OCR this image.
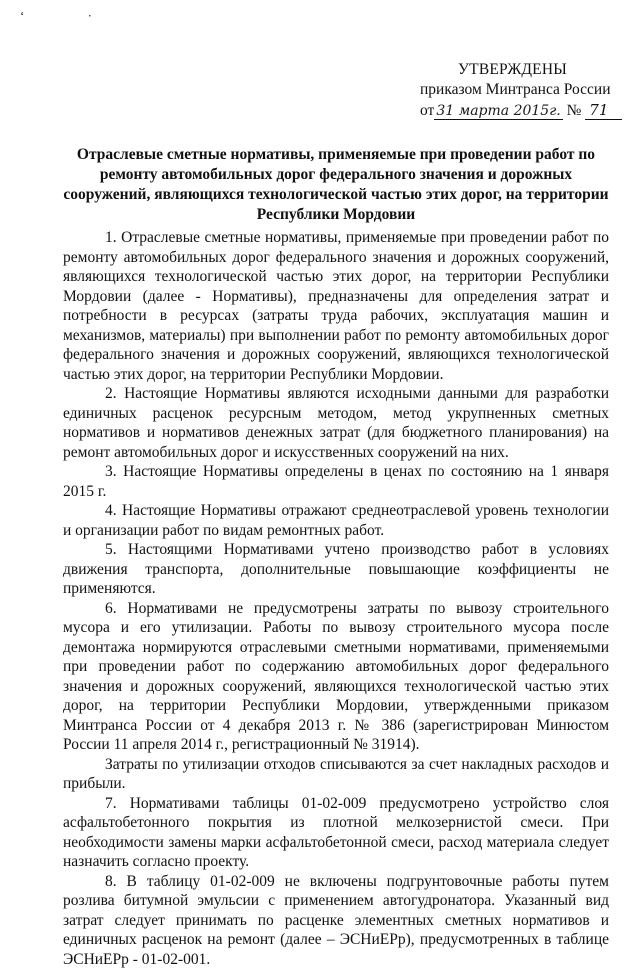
ʻ ·
УТВЕРЖДЕНЫ
приказом Минтранса России
от 31 марта 2015г. № 71
Отраслевые сметные нормативы, применяемые при проведении работ по ремонту автомобильных дорог федерального значения и дорожных сооружений, являющихся технологической частью этих дорог, на территории Республики Мордовии

1. Отраслевые сметные нормативы, применяемые при проведении работ по ремонту автомобильных дорог федерального значения и дорожных сооружений, являющихся технологической частью этих дорог, на территории Республики Мордовии (далее - Нормативы), предназначены для определения затрат и потребности в ресурсах (затраты труда рабочих, эксплуатация машин и механизмов, материалы) при выполнении работ по ремонту автомобильных дорог федерального значения и дорожных сооружений, являющихся технологической частью этих дорог, на территории Республики Мордовии.

2. Настоящие Нормативы являются исходными данными для разработки единичных расценок ресурсным методом, метод укрупненных сметных нормативов и нормативов денежных затрат (для бюджетного планирования) на ремонт автомобильных дорог и искусственных сооружений на них.

3. Настоящие Нормативы определены в ценах по состоянию на 1 января 2015 г.

4. Настоящие Нормативы отражают среднеотраслевой уровень технологии и организации работ по видам ремонтных работ.

5. Настоящими Нормативами учтено производство работ в условиях движения транспорта, дополнительные повышающие коэффициенты не применяются.

6. Нормативами не предусмотрены затраты по вывозу строительного мусора и его утилизации. Работы по вывозу строительного мусора после демонтажа нормируются отраслевыми сметными нормативами, применяемыми при проведении работ по содержанию автомобильных дорог федерального значения и дорожных сооружений, являющихся технологической частью этих дорог, на территории Республики Мордовии, утвержденными приказом Минтранса России от 4 декабря 2013 г. № 386 (зарегистрирован Минюстом России 11 апреля 2014 г., регистрационный № 31914).

Затраты по утилизации отходов списываются за счет накладных расходов и прибыли.

7. Нормативами таблицы 01-02-009 предусмотрено устройство слоя асфальтобетонного покрытия из плотной мелкозернистой смеси. При необходимости замены марки асфальтобетонной смеси, расход материала следует назначить согласно проекту.

8. В таблицу 01-02-009 не включены подгрунтовочные работы путем розлива битумной эмульсии с применением автогудронатора. Указанный вид затрат следует принимать по расценке элементных сметных нормативов и единичных расценок на ремонт (далее – ЭСНиЕРр), предусмотренных в таблице ЭСНиЕРр - 01-02-001.
